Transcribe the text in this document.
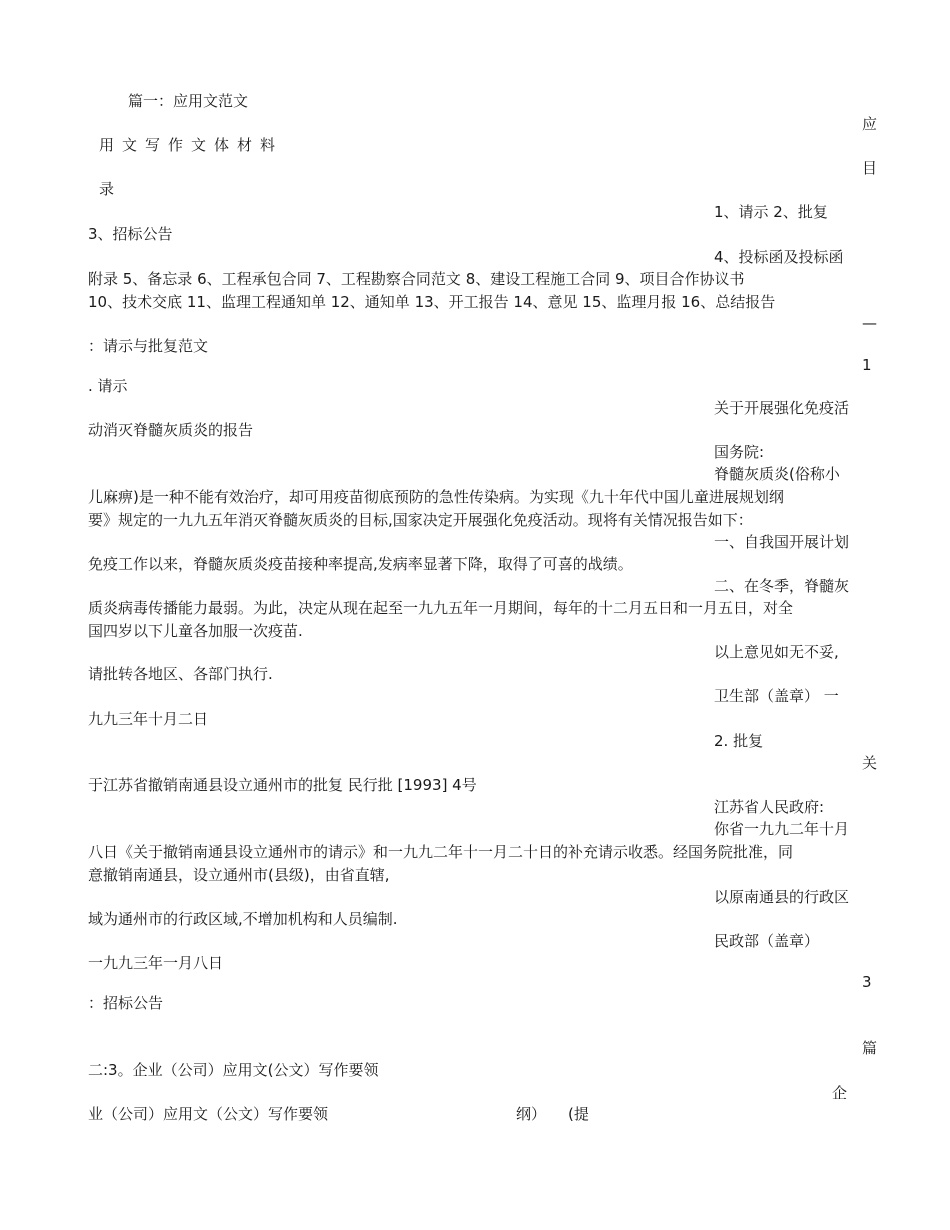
篇一：应用文范文
应
用文写作文体材料
目
录
1、请示 2、批复
3、招标公告
4、投标函及投标函
附录 5、备忘录 6、工程承包合同 7、工程勘察合同范文 8、建设工程施工合同 9、项目合作协议书
10、技术交底 11、监理工程通知单 12、通知单 13、开工报告 14、意见 15、监理月报 16、总结报告
—
：请示与批复范文
1
. 请示
关于开展强化免疫活
动消灭脊髓灰质炎的报告
国务院:
脊髓灰质炎(俗称小
儿麻痹)是一种不能有效治疗，却可用疫苗彻底预防的急性传染病。为实现《九十年代中国儿童进展规划纲
要》规定的一九九五年消灭脊髓灰质炎的目标,国家决定开展强化免疫活动。现将有关情况报告如下：
一、自我国开展计划
免疫工作以来，脊髓灰质炎疫苗接种率提高,发病率显著下降，取得了可喜的战绩。
二、在冬季，脊髓灰
质炎病毒传播能力最弱。为此，决定从现在起至一九九五年一月期间，每年的十二月五日和一月五日，对全
国四岁以下儿童各加服一次疫苗.
以上意见如无不妥,
请批转各地区、各部门执行.
卫生部（盖章） 一
九九三年十月二日
2. 批复
关
于江苏省撤销南通县设立通州市的批复 民行批 [1993] 4号
江苏省人民政府:
你省一九九二年十月
八日《关于撤销南通县设立通州市的请示》和一九九二年十一月二十日的补充请示收悉。经国务院批准，同
意撤销南通县，设立通州市(县级)，由省直辖,
以原南通县的行政区
域为通州市的行政区域,不增加机构和人员编制.
民政部（盖章）
一九九三年一月八日
3
：招标公告
篇
二:3。企业（公司）应用文(公文）写作要领
企
业（公司）应用文（公文）写作要领	纲） (提
